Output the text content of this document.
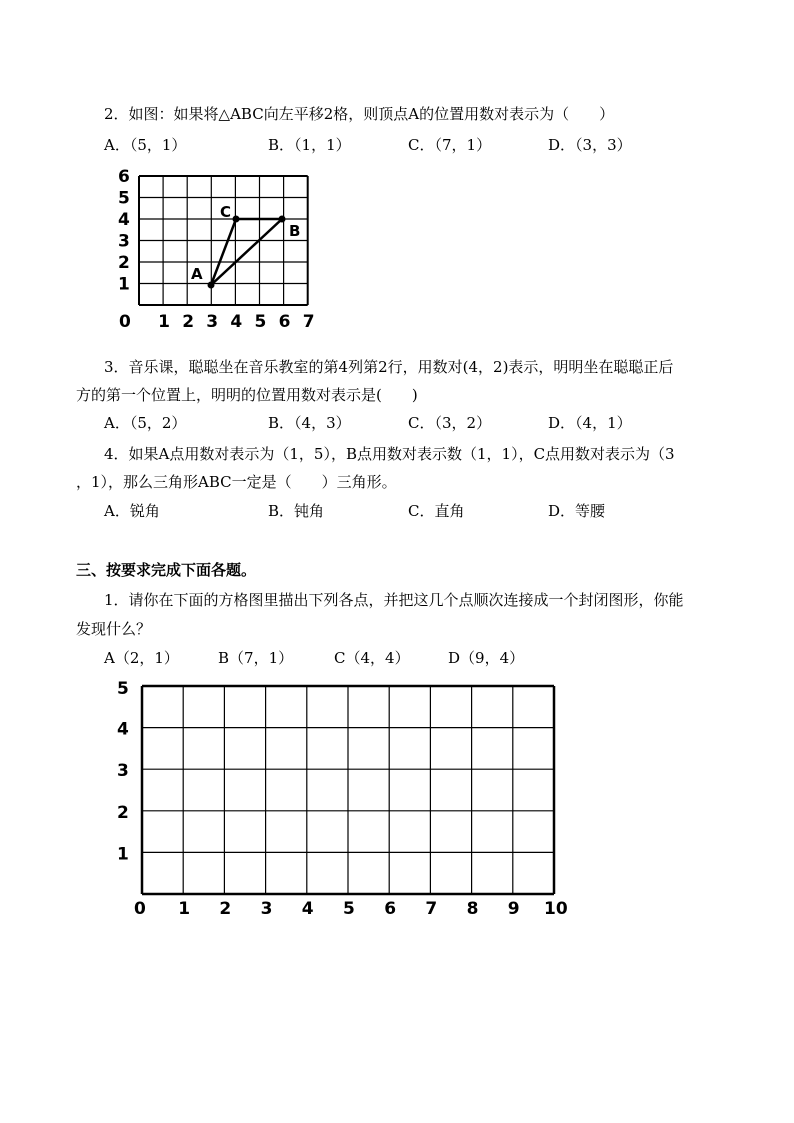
2．如图：如果将△ABC向左平移2格，则顶点A的位置用数对表示为（　　）
A．（5，1）	B．（1，1）	C．（7，1）	D．（3，3）
1
2
3
4
5
6
0 1 2 3 4 5 6 7
A
B
C
1
2
3
4
5
0 1 2 3 4 5 6 7 8 9 10
3．音乐课，聪聪坐在音乐教室的第4列第2行，用数对(4，2)表示，明明坐在聪聪正后
方的第一个位置上，明明的位置用数对表示是(　　)
A．（5，2）	B．（4，3）	C．（3，2）	D．（4，1）
4．如果A点用数对表示为（1，5），B点用数对表示数（1，1），C点用数对表示为（3
，1），那么三角形ABC一定是（　　）三角形。
A．锐角	B．钝角	C．直角	D．等腰
三、按要求完成下面各题。
1．请你在下面的方格图里描出下列各点，并把这几个点顺次连接成一个封闭图形，你能
发现什么？
A（2，1）	B（7，1）	C（4，4）	D（9，4）
